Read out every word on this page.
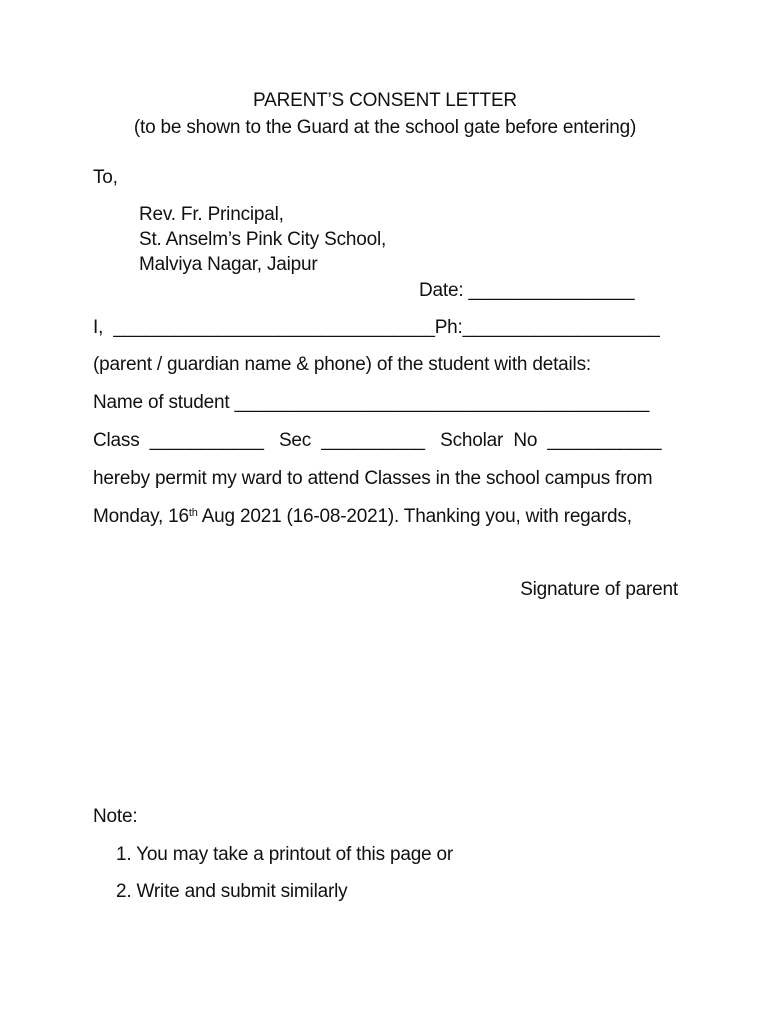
PARENT’S CONSENT LETTER
(to be shown to the Guard at the school gate before entering)
To,
Rev. Fr. Principal,
St. Anselm’s Pink City School,
Malviya Nagar, Jaipur
Date: ________________
I,  _______________________________Ph:___________________
(parent / guardian name & phone) of the student with details:
Name of student ________________________________________
Class  ___________   Sec  __________   Scholar  No  ___________
hereby permit my ward to attend Classes in the school campus from
Monday, 16th Aug 2021 (16-08-2021). Thanking you, with regards,
Signature of parent
Note:
1. You may take a printout of this page or
2. Write and submit similarly
